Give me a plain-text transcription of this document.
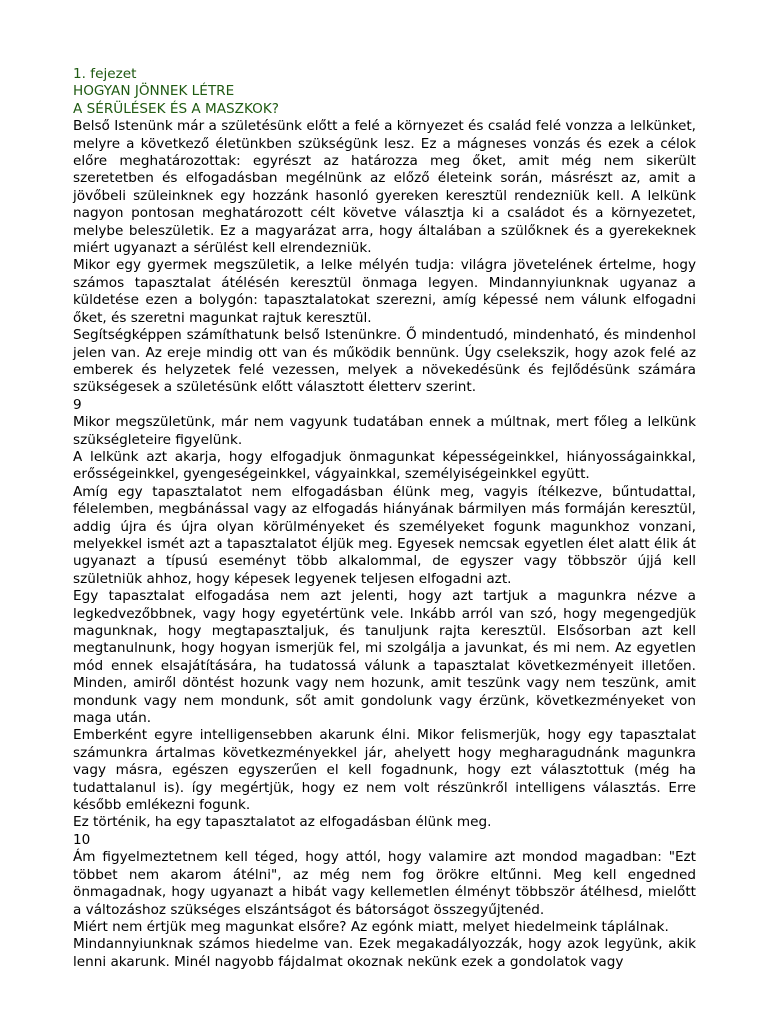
1. fejezet
HOGYAN JÖNNEK LÉTRE
A SÉRÜLÉSEK ÉS A MASZKOK?
Belső Istenünk már a születésünk előtt a felé a környezet és család felé vonzza a lelkünket, melyre a következő életünkben szükségünk lesz. Ez a mágneses vonzás és ezek a célok előre meghatározottak: egyrészt az határozza meg őket, amit még nem sikerült szeretetben és elfogadásban megélnünk az előző életeink során, másrészt az, amit a jövőbeli szüleinknek egy hozzánk hasonló gyereken keresztül rendezniük kell. A lelkünk nagyon pontosan meghatározott célt követve választja ki a családot és a környezetet, melybe beleszületik. Ez a magyarázat arra, hogy általában a szülőknek és a gyerekeknek miért ugyanazt a sérülést kell elrendezniük.
Mikor egy gyermek megszületik, a lelke mélyén tudja: világra jövetelének értelme, hogy számos tapasztalat átélésén keresztül önmaga legyen. Mindannyiunknak ugyanaz a küldetése ezen a bolygón: tapasztalatokat szerezni, amíg képessé nem válunk elfogadni őket, és szeretni magunkat rajtuk keresztül.
Segítségképpen számíthatunk belső Istenünkre. Ő mindentudó, mindenható, és mindenhol jelen van. Az ereje mindig ott van és működik bennünk. Úgy cselekszik, hogy azok felé az emberek és helyzetek felé vezessen, melyek a növekedésünk és fejlődésünk számára szükségesek a születésünk előtt választott életterv szerint.
9
Mikor megszületünk, már nem vagyunk tudatában ennek a múltnak, mert főleg a lelkünk szükségleteire figyelünk.
A lelkünk azt akarja, hogy elfogadjuk önmagunkat képességeinkkel, hiányosságainkkal, erősségeinkkel, gyengeségeinkkel, vágyainkkal, személyiségeinkkel együtt.
Amíg egy tapasztalatot nem elfogadásban élünk meg, vagyis ítélkezve, bűntudattal, félelemben, megbánással vagy az elfogadás hiányának bármilyen más formáján keresztül, addig újra és újra olyan körülményeket és személyeket fogunk magunkhoz vonzani, melyekkel ismét azt a tapasztalatot éljük meg. Egyesek nemcsak egyetlen élet alatt élik át ugyanazt a típusú eseményt több alkalommal, de egyszer vagy többször újjá kell születniük ahhoz, hogy képesek legyenek teljesen elfogadni azt.
Egy tapasztalat elfogadása nem azt jelenti, hogy azt tartjuk a magunkra nézve a legkedvezőbbnek, vagy hogy egyetértünk vele. Inkább arról van szó, hogy megengedjük magunknak, hogy megtapasztaljuk, és tanuljunk rajta keresztül. Elsősorban azt kell megtanulnunk, hogy hogyan ismerjük fel, mi szolgálja a javunkat, és mi nem. Az egyetlen mód ennek elsajátítására, ha tudatossá válunk a tapasztalat következményeit illetően. Minden, amiről döntést hozunk vagy nem hozunk, amit teszünk vagy nem teszünk, amit mondunk vagy nem mondunk, sőt amit gondolunk vagy érzünk, következményeket von maga után.
Emberként egyre intelligensebben akarunk élni. Mikor felismerjük, hogy egy tapasztalat számunkra ártalmas következményekkel jár, ahelyett hogy megharagudnánk magunkra vagy másra, egészen egyszerűen el kell fogadnunk, hogy ezt választottuk (még ha tudattalanul is). így megértjük, hogy ez nem volt részünkről intelligens választás. Erre később emlékezni fogunk.
Ez történik, ha egy tapasztalatot az elfogadásban élünk meg.
10
Ám figyelmeztetnem kell téged, hogy attól, hogy valamire azt mondod magadban: "Ezt többet nem akarom átélni", az még nem fog örökre eltűnni. Meg kell engedned önmagadnak, hogy ugyanazt a hibát vagy kellemetlen élményt többször átélhesd, mielőtt a változáshoz szükséges elszántságot és bátorságot összegyűjtenéd.
Miért nem értjük meg magunkat elsőre? Az egónk miatt, melyet hiedelmeink táplálnak.
Mindannyiunknak számos hiedelme van. Ezek megakadályozzák, hogy azok legyünk, akik lenni akarunk. Minél nagyobb fájdalmat okoznak nekünk ezek a gondolatok vagy
